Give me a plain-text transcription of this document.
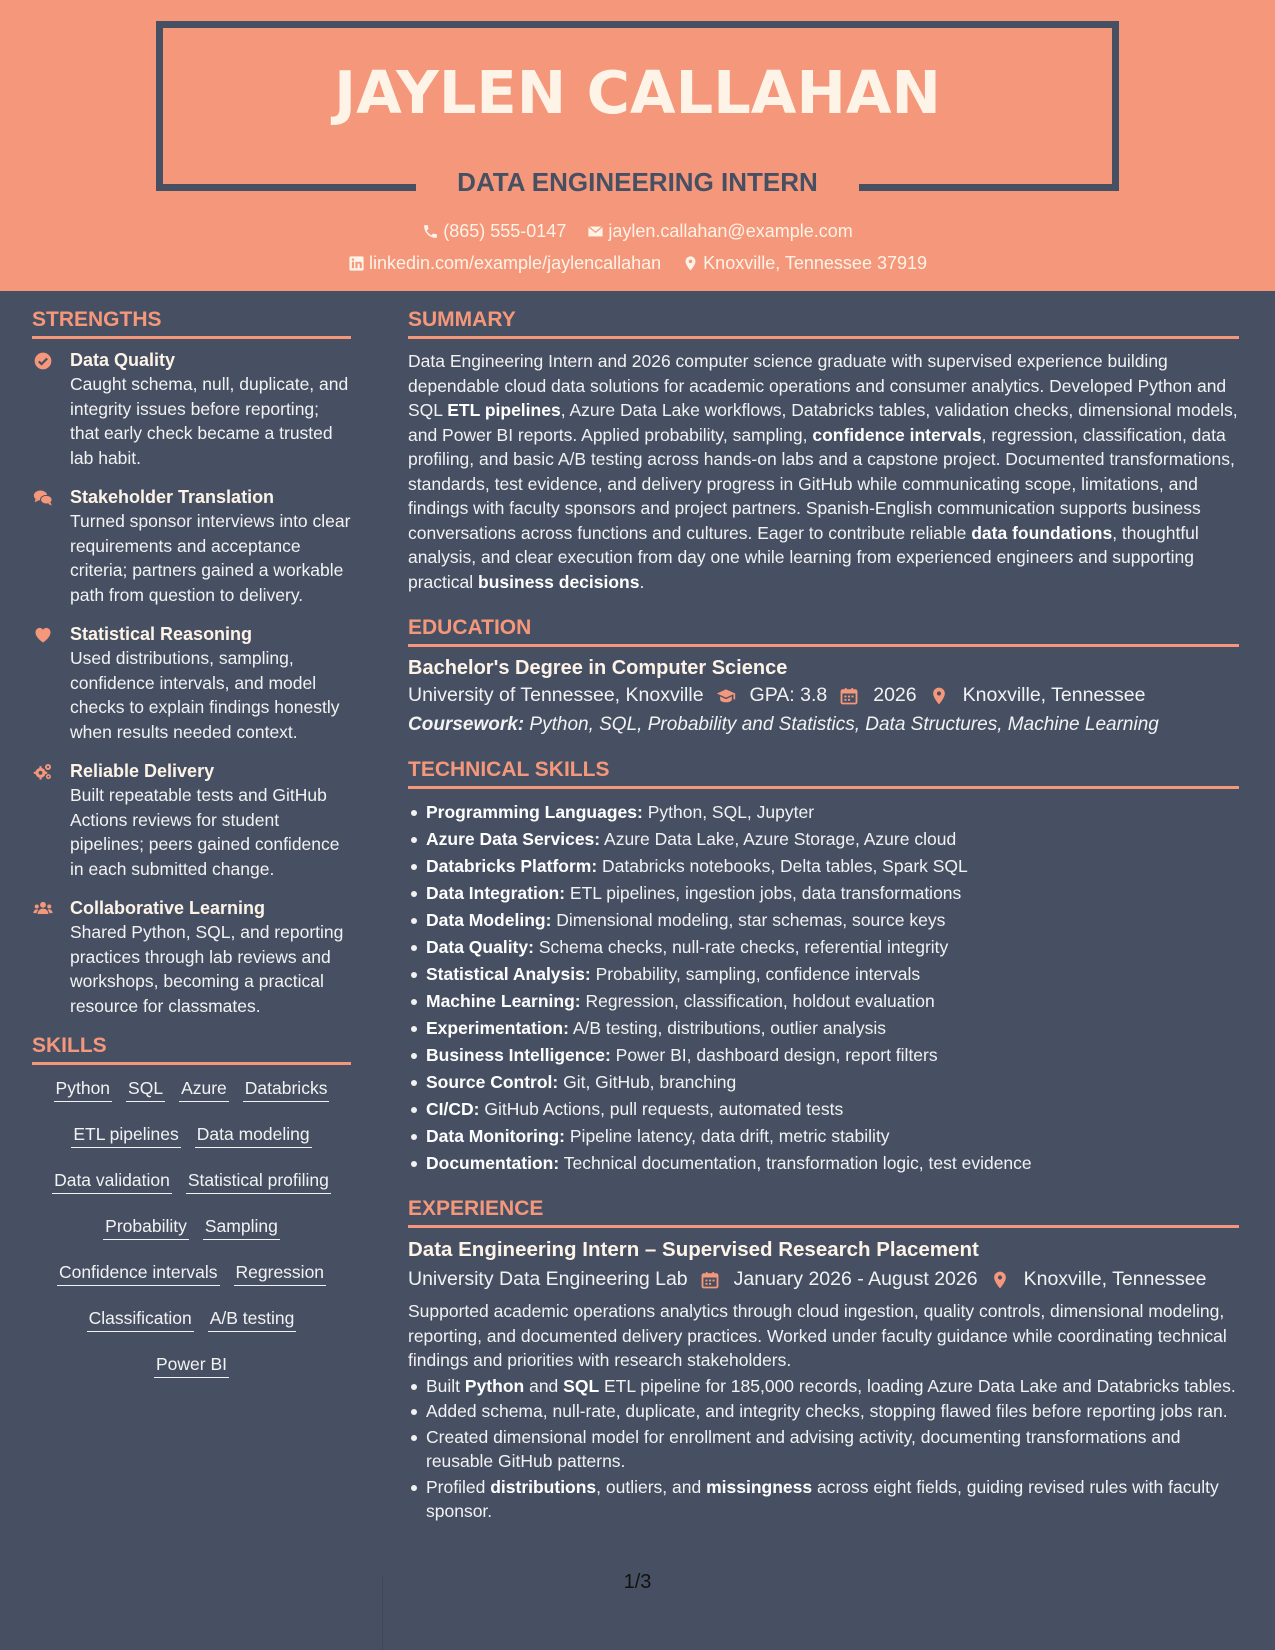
JAYLEN CALLAHAN
DATA ENGINEERING INTERN
(865) 555-0147
jaylen.callahan@example.com
linkedin.com/example/jaylencallahan
Knoxville, Tennessee 37919
STRENGTHS
Data Quality
Caught schema, null, duplicate, and integrity issues before reporting; that early check became a trusted lab habit.
Stakeholder Translation
Turned sponsor interviews into clear requirements and acceptance criteria; partners gained a workable path from question to delivery.
Statistical Reasoning
Used distributions, sampling, confidence intervals, and model checks to explain findings honestly when results needed context.
Reliable Delivery
Built repeatable tests and GitHub Actions reviews for student pipelines; peers gained confidence in each submitted change.
Collaborative Learning
Shared Python, SQL, and reporting practices through lab reviews and workshops, becoming a practical resource for classmates.
SKILLS
Python SQL Azure Databricks
ETL pipelines Data modeling
Data validation Statistical profiling
Probability Sampling
Confidence intervals Regression
Classification A/B testing
Power BI
SUMMARY
Data Engineering Intern and 2026 computer science graduate with supervised experience building dependable cloud data solutions for academic operations and consumer analytics. Developed Python and SQL ETL pipelines, Azure Data Lake workflows, Databricks tables, validation checks, dimensional models, and Power BI reports. Applied probability, sampling, confidence intervals, regression, classification, data profiling, and basic A/B testing across hands-on labs and a capstone project. Documented transformations, standards, test evidence, and delivery progress in GitHub while communicating scope, limitations, and findings with faculty sponsors and project partners. Spanish-English communication supports business conversations across functions and cultures. Eager to contribute reliable data foundations, thoughtful analysis, and clear execution from day one while learning from experienced engineers and supporting practical business decisions.
EDUCATION
Bachelor's Degree in Computer Science
University of Tennessee, Knoxville GPA: 3.8 2026 Knoxville, Tennessee
Coursework: Python, SQL, Probability and Statistics, Data Structures, Machine Learning
TECHNICAL SKILLS
Programming Languages: Python, SQL, Jupyter
Azure Data Services: Azure Data Lake, Azure Storage, Azure cloud
Databricks Platform: Databricks notebooks, Delta tables, Spark SQL
Data Integration: ETL pipelines, ingestion jobs, data transformations
Data Modeling: Dimensional modeling, star schemas, source keys
Data Quality: Schema checks, null-rate checks, referential integrity
Statistical Analysis: Probability, sampling, confidence intervals
Machine Learning: Regression, classification, holdout evaluation
Experimentation: A/B testing, distributions, outlier analysis
Business Intelligence: Power BI, dashboard design, report filters
Source Control: Git, GitHub, branching
CI/CD: GitHub Actions, pull requests, automated tests
Data Monitoring: Pipeline latency, data drift, metric stability
Documentation: Technical documentation, transformation logic, test evidence
EXPERIENCE
Data Engineering Intern – Supervised Research Placement
University Data Engineering Lab January 2026 - August 2026 Knoxville, Tennessee
Supported academic operations analytics through cloud ingestion, quality controls, dimensional modeling, reporting, and documented delivery practices. Worked under faculty guidance while coordinating technical findings and priorities with research stakeholders.
Built Python and SQL ETL pipeline for 185,000 records, loading Azure Data Lake and Databricks tables.
Added schema, null-rate, duplicate, and integrity checks, stopping flawed files before reporting jobs ran.
Created dimensional model for enrollment and advising activity, documenting transformations and reusable GitHub patterns.
Profiled distributions, outliers, and missingness across eight fields, guiding revised rules with faculty sponsor.
1/3
